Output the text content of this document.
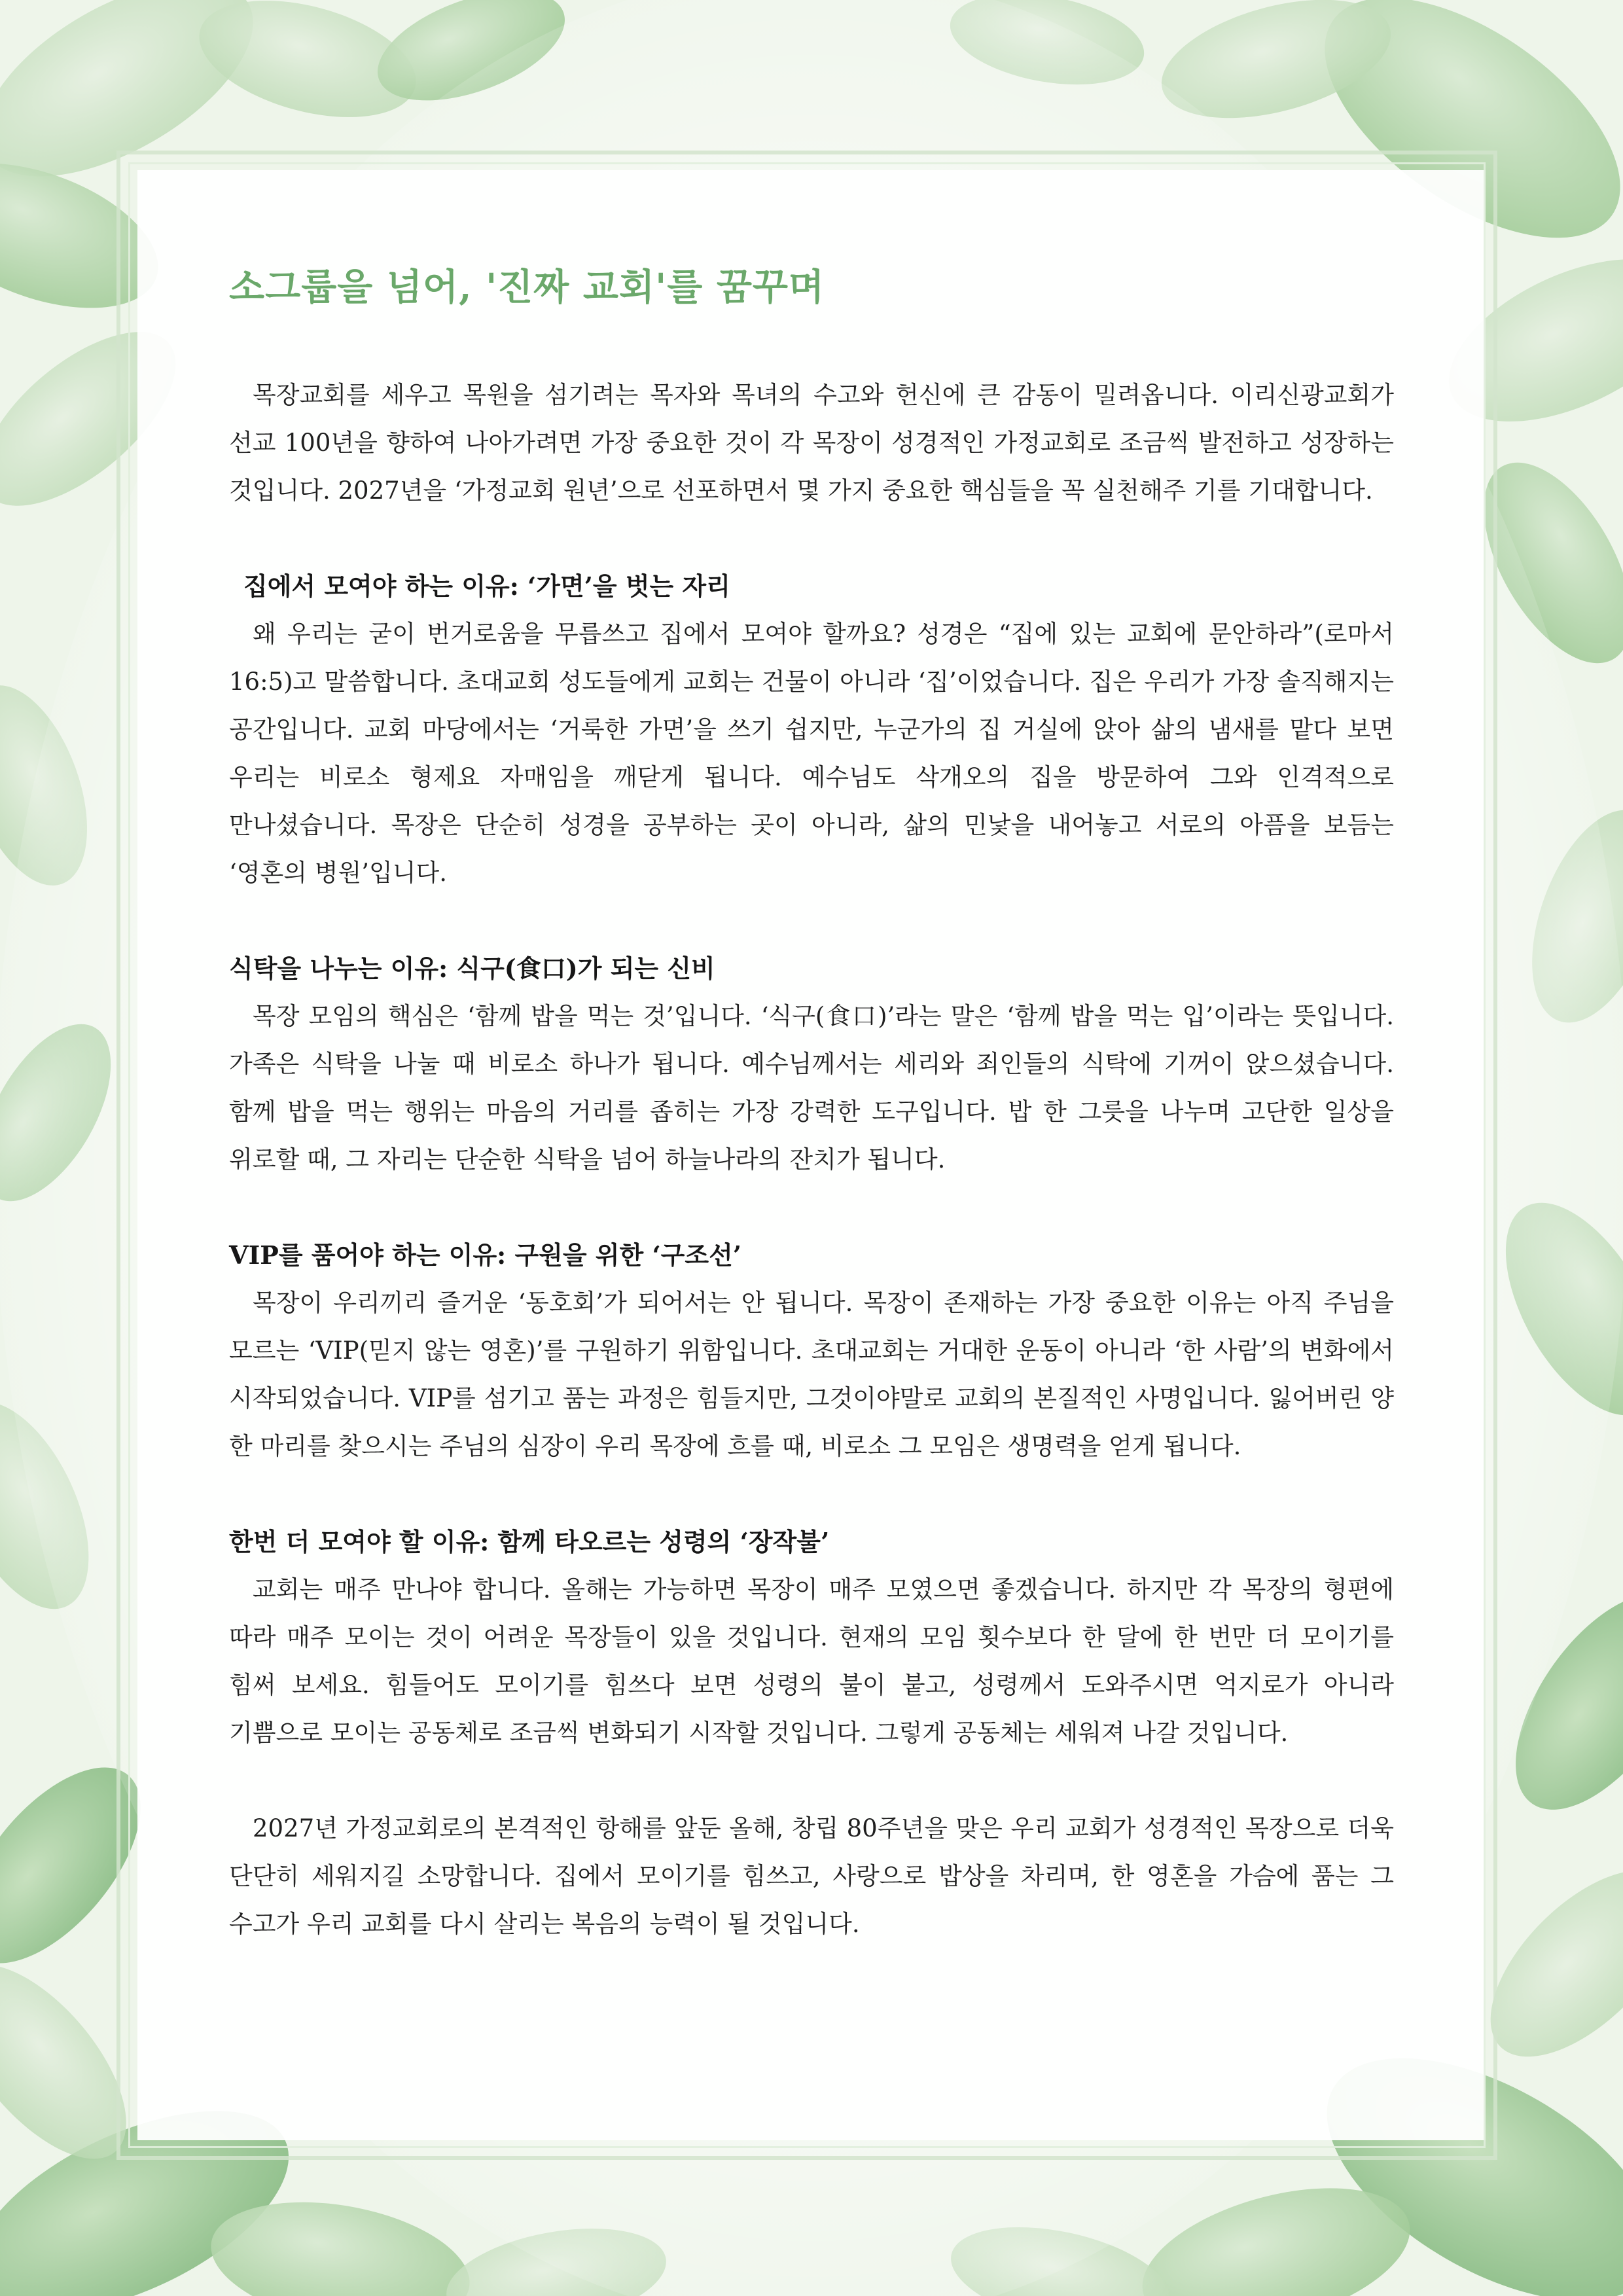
소그룹을 넘어, '진짜 교회'를 꿈꾸며

목장교회를 세우고 목원을 섬기려는 목자와 목녀의 수고와 헌신에 큰 감동이 밀려옵니다. 이리신광교회가 선교 100년을 향하여 나아가려면 가장 중요한 것이 각 목장이 성경적인 가정교회로 조금씩 발전하고 성장하는 것입니다. 2027년을 ‘가정교회 원년’으로 선포하면서 몇 가지 중요한 핵심들을 꼭 실천해주 기를 기대합니다.

집에서 모여야 하는 이유: ‘가면’을 벗는 자리

왜 우리는 굳이 번거로움을 무릅쓰고 집에서 모여야 할까요? 성경은 “집에 있는 교회에 문안하라”(로마서 16:5)고 말씀합니다. 초대교회 성도들에게 교회는 건물이 아니라 ‘집’이었습니다. 집은 우리가 가장 솔직해지는 공간입니다. 교회 마당에서는 ‘거룩한 가면’을 쓰기 쉽지만, 누군가의 집 거실에 앉아 삶의 냄새를 맡다 보면 우리는 비로소 형제요 자매임을 깨닫게 됩니다. 예수님도 삭개오의 집을 방문하여 그와 인격적으로 만나셨습니다. 목장은 단순히 성경을 공부하는 곳이 아니라, 삶의 민낯을 내어놓고 서로의 아픔을 보듬는 ‘영혼의 병원’입니다.

식탁을 나누는 이유: 식구(食口)가 되는 신비

목장 모임의 핵심은 ‘함께 밥을 먹는 것’입니다. ‘식구(食口)’라는 말은 ‘함께 밥을 먹는 입’이라는 뜻입니다. 가족은 식탁을 나눌 때 비로소 하나가 됩니다. 예수님께서는 세리와 죄인들의 식탁에 기꺼이 앉으셨습니다. 함께 밥을 먹는 행위는 마음의 거리를 좁히는 가장 강력한 도구입니다. 밥 한 그릇을 나누며 고단한 일상을 위로할 때, 그 자리는 단순한 식탁을 넘어 하늘나라의 잔치가 됩니다.

VIP를 품어야 하는 이유: 구원을 위한 ‘구조선’

목장이 우리끼리 즐거운 ‘동호회’가 되어서는 안 됩니다. 목장이 존재하는 가장 중요한 이유는 아직 주님을 모르는 ‘VIP(믿지 않는 영혼)’를 구원하기 위함입니다. 초대교회는 거대한 운동이 아니라 ‘한 사람’의 변화에서 시작되었습니다. VIP를 섬기고 품는 과정은 힘들지만, 그것이야말로 교회의 본질적인 사명입니다. 잃어버린 양 한 마리를 찾으시는 주님의 심장이 우리 목장에 흐를 때, 비로소 그 모임은 생명력을 얻게 됩니다.

한번 더 모여야 할 이유: 함께 타오르는 성령의 ‘장작불’

교회는 매주 만나야 합니다. 올해는 가능하면 목장이 매주 모였으면 좋겠습니다. 하지만 각 목장의 형편에 따라 매주 모이는 것이 어려운 목장들이 있을 것입니다. 현재의 모임 횟수보다 한 달에 한 번만 더 모이기를 힘써 보세요. 힘들어도 모이기를 힘쓰다 보면 성령의 불이 붙고, 성령께서 도와주시면 억지로가 아니라 기쁨으로 모이는 공동체로 조금씩 변화되기 시작할 것입니다. 그렇게 공동체는 세워져 나갈 것입니다.

2027년 가정교회로의 본격적인 항해를 앞둔 올해, 창립 80주년을 맞은 우리 교회가 성경적인 목장으로 더욱 단단히 세워지길 소망합니다. 집에서 모이기를 힘쓰고, 사랑으로 밥상을 차리며, 한 영혼을 가슴에 품는 그 수고가 우리 교회를 다시 살리는 복음의 능력이 될 것입니다.
